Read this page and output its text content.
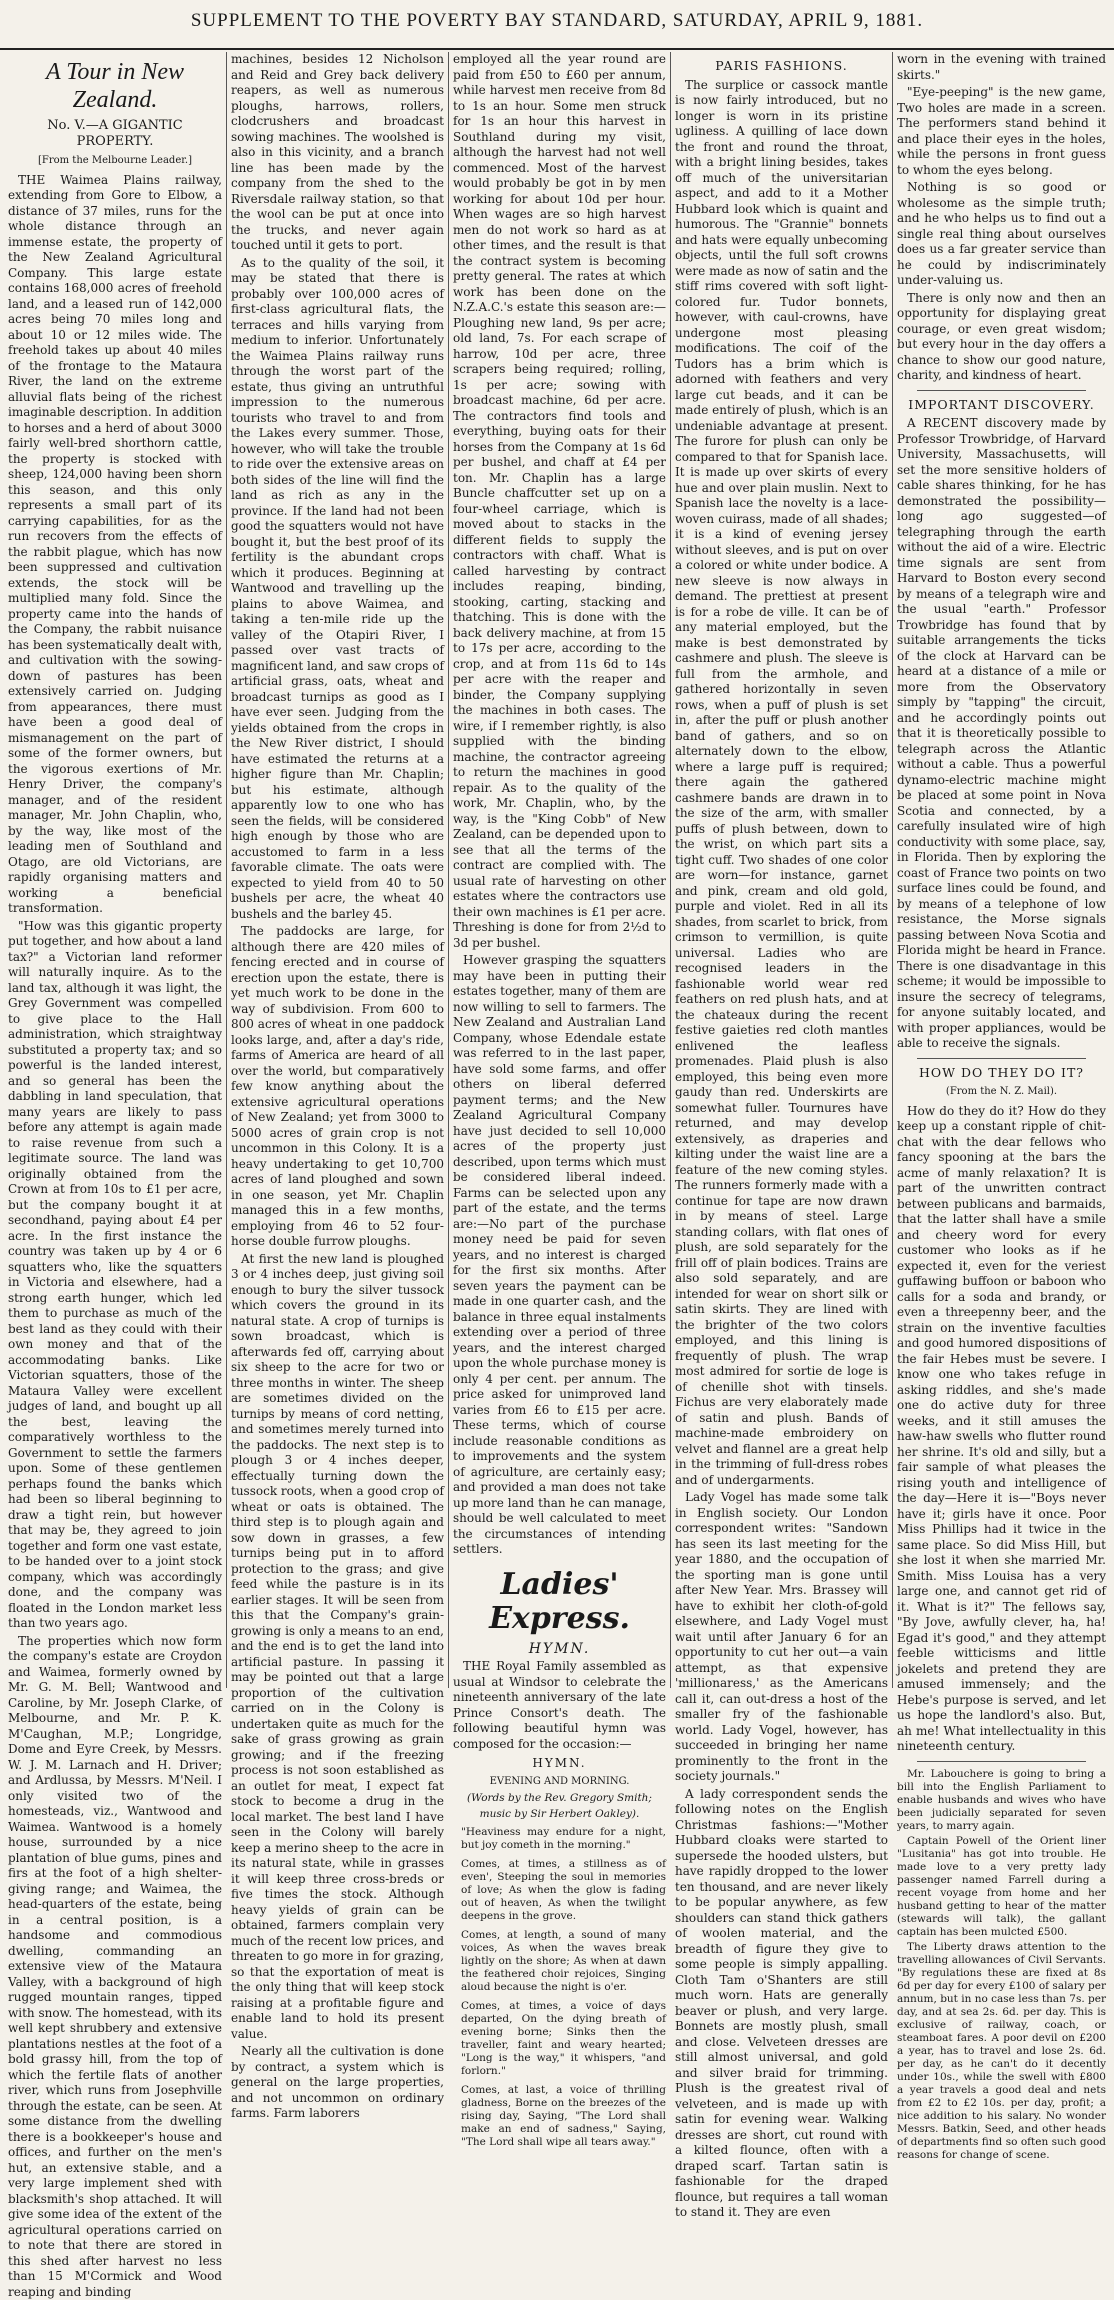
SUPPLEMENT TO THE POVERTY BAY STANDARD, SATURDAY, APRIL 9, 1881.
A Tour in New Zealand.
No. V.—A GIGANTIC PROPERTY.
[From the Melbourne Leader.]

THE Waimea Plains railway, extending from Gore to Elbow, a distance of 37 miles, runs for the whole distance through an immense estate, the property of the New Zealand Agricultural Company. This large estate contains 168,000 acres of freehold land, and a leased run of 142,000 acres being 70 miles long and about 10 or 12 miles wide. The freehold takes up about 40 miles of the frontage to the Mataura River, the land on the extreme alluvial flats being of the richest imaginable description. In addition to horses and a herd of about 3000 fairly well-bred shorthorn cattle, the property is stocked with sheep, 124,000 having been shorn this season, and this only represents a small part of its carrying capabilities, for as the run recovers from the effects of the rabbit plague, which has now been suppressed and cultivation extends, the stock will be multiplied many fold. Since the property came into the hands of the Company, the rabbit nuisance has been systematically dealt with, and cultivation with the sowing-down of pastures has been extensively carried on. Judging from appearances, there must have been a good deal of mismanagement on the part of some of the former owners, but the vigorous exertions of Mr. Henry Driver, the company's manager, and of the resident manager, Mr. John Chaplin, who, by the way, like most of the leading men of Southland and Otago, are old Victorians, are rapidly organising matters and working a beneficial transformation.

"How was this gigantic property put together, and how about a land tax?" a Victorian land reformer will naturally inquire. As to the land tax, although it was light, the Grey Government was compelled to give place to the Hall administration, which straightway substituted a property tax; and so powerful is the landed interest, and so general has been the dabbling in land speculation, that many years are likely to pass before any attempt is again made to raise revenue from such a legitimate source. The land was originally obtained from the Crown at from 10s to £1 per acre, but the company bought it at secondhand, paying about £4 per acre. In the first instance the country was taken up by 4 or 6 squatters who, like the squatters in Victoria and elsewhere, had a strong earth hunger, which led them to purchase as much of the best land as they could with their own money and that of the accommodating banks. Like Victorian squatters, those of the Mataura Valley were excellent judges of land, and bought up all the best, leaving the comparatively worthless to the Government to settle the farmers upon. Some of these gentlemen perhaps found the banks which had been so liberal beginning to draw a tight rein, but however that may be, they agreed to join together and form one vast estate, to be handed over to a joint stock company, which was accordingly done, and the company was floated in the London market less than two years ago.

The properties which now form the company's estate are Croydon and Waimea, formerly owned by Mr. G. M. Bell; Wantwood and Caroline, by Mr. Joseph Clarke, of Melbourne, and Mr. P. K. M'Caughan, M.P.; Longridge, Dome and Eyre Creek, by Messrs. W. J. M. Larnach and H. Driver; and Ardlussa, by Messrs. M'Neil. I only visited two of the homesteads, viz., Wantwood and Waimea. Wantwood is a homely house, surrounded by a nice plantation of blue gums, pines and firs at the foot of a high shelter-giving range; and Waimea, the head-quarters of the estate, being in a central position, is a handsome and commodious dwelling, commanding an extensive view of the Mataura Valley, with a background of high rugged mountain ranges, tipped with snow. The homestead, with its well kept shrubbery and extensive plantations nestles at the foot of a bold grassy hill, from the top of which the fertile flats of another river, which runs from Josephville through the estate, can be seen. At some distance from the dwelling there is a bookkeeper's house and offices, and further on the men's hut, an extensive stable, and a very large implement shed with blacksmith's shop attached. It will give some idea of the extent of the agricultural operations carried on to note that there are stored in this shed after harvest no less than 15 M'Cormick and Wood reaping and binding

machines, besides 12 Nicholson and Reid and Grey back delivery reapers, as well as numerous ploughs, harrows, rollers, clodcrushers and broadcast sowing machines. The woolshed is also in this vicinity, and a branch line has been made by the company from the shed to the Riversdale railway station, so that the wool can be put at once into the trucks, and never again touched until it gets to port.

As to the quality of the soil, it may be stated that there is probably over 100,000 acres of first-class agricultural flats, the terraces and hills varying from medium to inferior. Unfortunately the Waimea Plains railway runs through the worst part of the estate, thus giving an untruthful impression to the numerous tourists who travel to and from the Lakes every summer. Those, however, who will take the trouble to ride over the extensive areas on both sides of the line will find the land as rich as any in the province. If the land had not been good the squatters would not have bought it, but the best proof of its fertility is the abundant crops which it produces. Beginning at Wantwood and travelling up the plains to above Waimea, and taking a ten-mile ride up the valley of the Otapiri River, I passed over vast tracts of magnificent land, and saw crops of artificial grass, oats, wheat and broadcast turnips as good as I have ever seen. Judging from the yields obtained from the crops in the New River district, I should have estimated the returns at a higher figure than Mr. Chaplin; but his estimate, although apparently low to one who has seen the fields, will be considered high enough by those who are accustomed to farm in a less favorable climate. The oats were expected to yield from 40 to 50 bushels per acre, the wheat 40 bushels and the barley 45.

The paddocks are large, for although there are 420 miles of fencing erected and in course of erection upon the estate, there is yet much work to be done in the way of subdivision. From 600 to 800 acres of wheat in one paddock looks large, and, after a day's ride, farms of America are heard of all over the world, but comparatively few know anything about the extensive agricultural operations of New Zealand; yet from 3000 to 5000 acres of grain crop is not uncommon in this Colony. It is a heavy undertaking to get 10,700 acres of land ploughed and sown in one season, yet Mr. Chaplin managed this in a few months, employing from 46 to 52 four-horse double furrow ploughs.

At first the new land is ploughed 3 or 4 inches deep, just giving soil enough to bury the silver tussock which covers the ground in its natural state. A crop of turnips is sown broadcast, which is afterwards fed off, carrying about six sheep to the acre for two or three months in winter. The sheep are sometimes divided on the turnips by means of cord netting, and sometimes merely turned into the paddocks. The next step is to plough 3 or 4 inches deeper, effectually turning down the tussock roots, when a good crop of wheat or oats is obtained. The third step is to plough again and sow down in grasses, a few turnips being put in to afford protection to the grass; and give feed while the pasture is in its earlier stages. It will be seen from this that the Company's grain-growing is only a means to an end, and the end is to get the land into artificial pasture. In passing it may be pointed out that a large proportion of the cultivation carried on in the Colony is undertaken quite as much for the sake of grass growing as grain growing; and if the freezing process is not soon established as an outlet for meat, I expect fat stock to become a drug in the local market. The best land I have seen in the Colony will barely keep a merino sheep to the acre in its natural state, while in grasses it will keep three cross-breds or five times the stock. Although heavy yields of grain can be obtained, farmers complain very much of the recent low prices, and threaten to go more in for grazing, so that the exportation of meat is the only thing that will keep stock raising at a profitable figure and enable land to hold its present value.

Nearly all the cultivation is done by contract, a system which is general on the large properties, and not uncommon on ordinary farms. Farm laborers

employed all the year round are paid from £50 to £60 per annum, while harvest men receive from 8d to 1s an hour. Some men struck for 1s an hour this harvest in Southland during my visit, although the harvest had not well commenced. Most of the harvest would probably be got in by men working for about 10d per hour. When wages are so high harvest men do not work so hard as at other times, and the result is that the contract system is becoming pretty general. The rates at which work has been done on the N.Z.A.C.'s estate this season are:—Ploughing new land, 9s per acre; old land, 7s. For each scrape of harrow, 10d per acre, three scrapers being required; rolling, 1s per acre; sowing with broadcast machine, 6d per acre. The contractors find tools and everything, buying oats for their horses from the Company at 1s 6d per bushel, and chaff at £4 per ton. Mr. Chaplin has a large Buncle chaffcutter set up on a four-wheel carriage, which is moved about to stacks in the different fields to supply the contractors with chaff. What is called harvesting by contract includes reaping, binding, stooking, carting, stacking and thatching. This is done with the back delivery machine, at from 15 to 17s per acre, according to the crop, and at from 11s 6d to 14s per acre with the reaper and binder, the Company supplying the machines in both cases. The wire, if I remember rightly, is also supplied with the binding machine, the contractor agreeing to return the machines in good repair. As to the quality of the work, Mr. Chaplin, who, by the way, is the "King Cobb" of New Zealand, can be depended upon to see that all the terms of the contract are complied with. The usual rate of harvesting on other estates where the contractors use their own machines is £1 per acre. Threshing is done for from 2½d to 3d per bushel.

However grasping the squatters may have been in putting their estates together, many of them are now willing to sell to farmers. The New Zealand and Australian Land Company, whose Edendale estate was referred to in the last paper, have sold some farms, and offer others on liberal deferred payment terms; and the New Zealand Agricultural Company have just decided to sell 10,000 acres of the property just described, upon terms which must be considered liberal indeed. Farms can be selected upon any part of the estate, and the terms are:—No part of the purchase money need be paid for seven years, and no interest is charged for the first six months. After seven years the payment can be made in one quarter cash, and the balance in three equal instalments extending over a period of three years, and the interest charged upon the whole purchase money is only 4 per cent. per annum. The price asked for unimproved land varies from £6 to £15 per acre. These terms, which of course include reasonable conditions as to improvements and the system of agriculture, are certainly easy; and provided a man does not take up more land than he can manage, should be well calculated to meet the circumstances of intending settlers.

Ladies' Express.
HYMN.

THE Royal Family assembled as usual at Windsor to celebrate the nineteenth anniversary of the late Prince Consort's death. The following beautiful hymn was composed for the occasion:—

HYMN.
EVENING AND MORNING.
(Words by the Rev. Gregory Smith; music by Sir Herbert Oakley).

"Heaviness may endure for a night, but joy cometh in the morning."

Comes, at times, a stillness as of even', Steeping the soul in memories of love; As when the glow is fading out of heaven, As when the twilight deepens in the grove.

Comes, at length, a sound of many voices, As when the waves break lightly on the shore; As when at dawn the feathered choir rejoices, Singing aloud because the night is o'er.

Comes, at times, a voice of days departed, On the dying breath of evening borne; Sinks then the traveller, faint and weary hearted; "Long is the way," it whispers, "and forlorn."

Comes, at last, a voice of thrilling gladness, Borne on the breezes of the rising day, Saying, "The Lord shall make an end of sadness," Saying, "The Lord shall wipe all tears away."

PARIS FASHIONS.

The surplice or cassock mantle is now fairly introduced, but no longer is worn in its pristine ugliness. A quilling of lace down the front and round the throat, with a bright lining besides, takes off much of the universitarian aspect, and add to it a Mother Hubbard look which is quaint and humorous. The "Grannie" bonnets and hats were equally unbecoming objects, until the full soft crowns were made as now of satin and the stiff rims covered with soft light-colored fur. Tudor bonnets, however, with caul-crowns, have undergone most pleasing modifications. The coif of the Tudors has a brim which is adorned with feathers and very large cut beads, and it can be made entirely of plush, which is an undeniable advantage at present. The furore for plush can only be compared to that for Spanish lace. It is made up over skirts of every hue and over plain muslin. Next to Spanish lace the novelty is a lace-woven cuirass, made of all shades; it is a kind of evening jersey without sleeves, and is put on over a colored or white under bodice. A new sleeve is now always in demand. The prettiest at present is for a robe de ville. It can be of any material employed, but the make is best demonstrated by cashmere and plush. The sleeve is full from the armhole, and gathered horizontally in seven rows, when a puff of plush is set in, after the puff or plush another band of gathers, and so on alternately down to the elbow, where a large puff is required; there again the gathered cashmere bands are drawn in to the size of the arm, with smaller puffs of plush between, down to the wrist, on which part sits a tight cuff. Two shades of one color are worn—for instance, garnet and pink, cream and old gold, purple and violet. Red in all its shades, from scarlet to brick, from crimson to vermillion, is quite universal. Ladies who are recognised leaders in the fashionable world wear red feathers on red plush hats, and at the chateaux during the recent festive gaieties red cloth mantles enlivened the leafless promenades. Plaid plush is also employed, this being even more gaudy than red. Underskirts are somewhat fuller. Tournures have returned, and may develop extensively, as draperies and kilting under the waist line are a feature of the new coming styles. The runners formerly made with a continue for tape are now drawn in by means of steel. Large standing collars, with flat ones of plush, are sold separately for the frill off of plain bodices. Trains are also sold separately, and are intended for wear on short silk or satin skirts. They are lined with the brighter of the two colors employed, and this lining is frequently of plush. The wrap most admired for sortie de loge is of chenille shot with tinsels. Fichus are very elaborately made of satin and plush. Bands of machine-made embroidery on velvet and flannel are a great help in the trimming of full-dress robes and of undergarments.

Lady Vogel has made some talk in English society. Our London correspondent writes: "Sandown has seen its last meeting for the year 1880, and the occupation of the sporting man is gone until after New Year. Mrs. Brassey will have to exhibit her cloth-of-gold elsewhere, and Lady Vogel must wait until after January 6 for an opportunity to cut her out—a vain attempt, as that expensive 'millionaress,' as the Americans call it, can out-dress a host of the smaller fry of the fashionable world. Lady Vogel, however, has succeeded in bringing her name prominently to the front in the society journals."

A lady correspondent sends the following notes on the English Christmas fashions:—"Mother Hubbard cloaks were started to supersede the hooded ulsters, but have rapidly dropped to the lower ten thousand, and are never likely to be popular anywhere, as few shoulders can stand thick gathers of woolen material, and the breadth of figure they give to some people is simply appalling. Cloth Tam o'Shanters are still much worn. Hats are generally beaver or plush, and very large. Bonnets are mostly plush, small and close. Velveteen dresses are still almost universal, and gold and silver braid for trimming. Plush is the greatest rival of velveteen, and is made up with satin for evening wear. Walking dresses are short, cut round with a kilted flounce, often with a draped scarf. Tartan satin is fashionable for the draped flounce, but requires a tall woman to stand it. They are even

worn in the evening with trained skirts."

"Eye-peeping" is the new game, Two holes are made in a screen. The performers stand behind it and place their eyes in the holes, while the persons in front guess to whom the eyes belong.

Nothing is so good or wholesome as the simple truth; and he who helps us to find out a single real thing about ourselves does us a far greater service than he could by indiscriminately under-valuing us.

There is only now and then an opportunity for displaying great courage, or even great wisdom; but every hour in the day offers a chance to show our good nature, charity, and kindness of heart.

IMPORTANT DISCOVERY.

A RECENT discovery made by Professor Trowbridge, of Harvard University, Massachusetts, will set the more sensitive holders of cable shares thinking, for he has demonstrated the possibility—long ago suggested—of telegraphing through the earth without the aid of a wire. Electric time signals are sent from Harvard to Boston every second by means of a telegraph wire and the usual "earth." Professor Trowbridge has found that by suitable arrangements the ticks of the clock at Harvard can be heard at a distance of a mile or more from the Observatory simply by "tapping" the circuit, and he accordingly points out that it is theoretically possible to telegraph across the Atlantic without a cable. Thus a powerful dynamo-electric machine might be placed at some point in Nova Scotia and connected, by a carefully insulated wire of high conductivity with some place, say, in Florida. Then by exploring the coast of France two points on two surface lines could be found, and by means of a telephone of low resistance, the Morse signals passing between Nova Scotia and Florida might be heard in France. There is one disadvantage in this scheme; it would be impossible to insure the secrecy of telegrams, for anyone suitably located, and with proper appliances, would be able to receive the signals.

HOW DO THEY DO IT?
(From the N. Z. Mail).

How do they do it? How do they keep up a constant ripple of chit-chat with the dear fellows who fancy spooning at the bars the acme of manly relaxation? It is part of the unwritten contract between publicans and barmaids, that the latter shall have a smile and cheery word for every customer who looks as if he expected it, even for the veriest guffawing buffoon or baboon who calls for a soda and brandy, or even a threepenny beer, and the strain on the inventive faculties and good humored dispositions of the fair Hebes must be severe. I know one who takes refuge in asking riddles, and she's made one do active duty for three weeks, and it still amuses the haw-haw swells who flutter round her shrine. It's old and silly, but a fair sample of what pleases the rising youth and intelligence of the day—Here it is—"Boys never have it; girls have it once. Poor Miss Phillips had it twice in the same place. So did Miss Hill, but she lost it when she married Mr. Smith. Miss Louisa has a very large one, and cannot get rid of it. What is it?" The fellows say, "By Jove, awfully clever, ha, ha! Egad it's good," and they attempt feeble witticisms and little jokelets and pretend they are amused immensely; and the Hebe's purpose is served, and let us hope the landlord's also. But, ah me! What intellectuality in this nineteenth century.

Mr. Labouchere is going to bring a bill into the English Parliament to enable husbands and wives who have been judicially separated for seven years, to marry again.

Captain Powell of the Orient liner "Lusitania" has got into trouble. He made love to a very pretty lady passenger named Farrell during a recent voyage from home and her husband getting to hear of the matter (stewards will talk), the gallant captain has been mulcted £500.

The Liberty draws attention to the travelling allowances of Civil Servants. "By regulations these are fixed at 8s 6d per day for every £100 of salary per annum, but in no case less than 7s. per day, and at sea 2s. 6d. per day. This is exclusive of railway, coach, or steamboat fares. A poor devil on £200 a year, has to travel and lose 2s. 6d. per day, as he can't do it decently under 10s., while the swell with £800 a year travels a good deal and nets from £2 to £2 10s. per day, profit; a nice addition to his salary. No wonder Messrs. Batkin, Seed, and other heads of departments find so often such good reasons for change of scene.
